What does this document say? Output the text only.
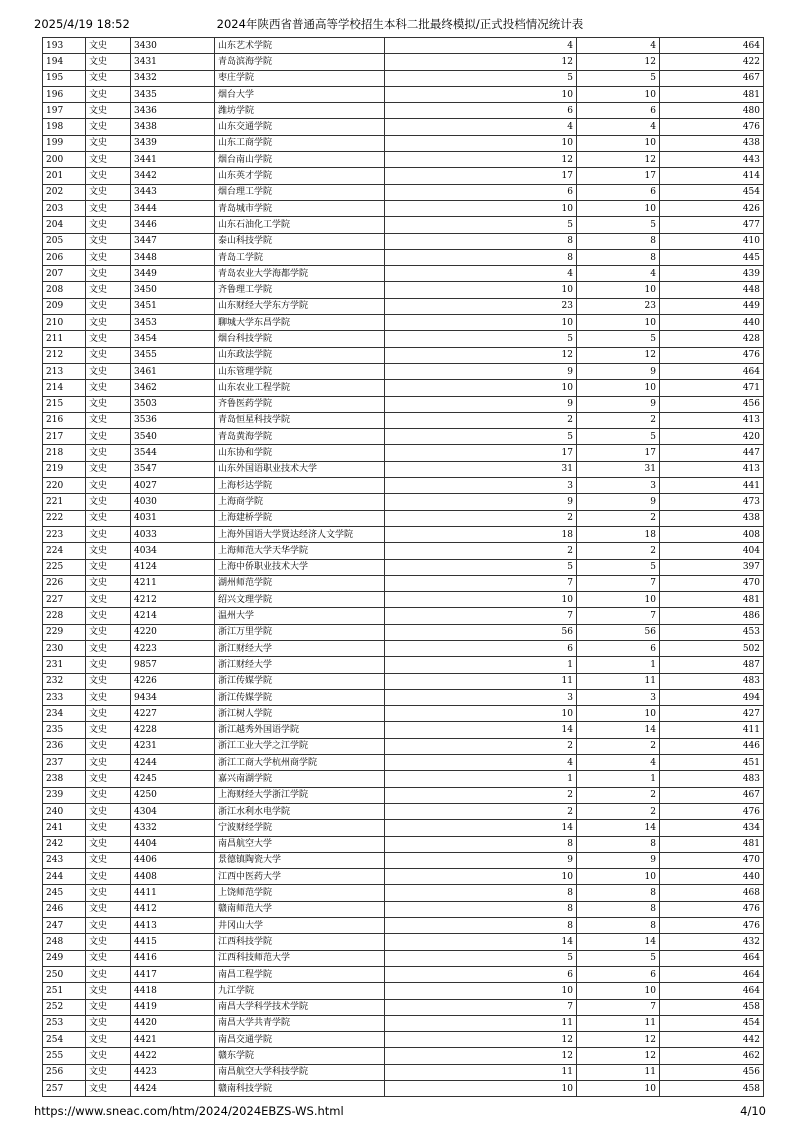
2025/4/19 18:52	2024年陕西省普通高等学校招生本科二批最终模拟/正式投档情况统计表
193	文史	3430	山东艺术学院	4	4	464	
194	文史	3431	青岛滨海学院	12	12	422	
195	文史	3432	枣庄学院	5	5	467	
196	文史	3435	烟台大学	10	10	481	
197	文史	3436	潍坊学院	6	6	480	
198	文史	3438	山东交通学院	4	4	476	
199	文史	3439	山东工商学院	10	10	438	
200	文史	3441	烟台南山学院	12	12	443	
201	文史	3442	山东英才学院	17	17	414	
202	文史	3443	烟台理工学院	6	6	454	
203	文史	3444	青岛城市学院	10	10	426	
204	文史	3446	山东石油化工学院	5	5	477	
205	文史	3447	泰山科技学院	8	8	410	
206	文史	3448	青岛工学院	8	8	445	
207	文史	3449	青岛农业大学海都学院	4	4	439	
208	文史	3450	齐鲁理工学院	10	10	448	
209	文史	3451	山东财经大学东方学院	23	23	449	
210	文史	3453	聊城大学东昌学院	10	10	440	
211	文史	3454	烟台科技学院	5	5	428	
212	文史	3455	山东政法学院	12	12	476	
213	文史	3461	山东管理学院	9	9	464	
214	文史	3462	山东农业工程学院	10	10	471	
215	文史	3503	齐鲁医药学院	9	9	456	
216	文史	3536	青岛恒星科技学院	2	2	413	
217	文史	3540	青岛黄海学院	5	5	420	
218	文史	3544	山东协和学院	17	17	447	
219	文史	3547	山东外国语职业技术大学	31	31	413	
220	文史	4027	上海杉达学院	3	3	441	
221	文史	4030	上海商学院	9	9	473	
222	文史	4031	上海建桥学院	2	2	438	
223	文史	4033	上海外国语大学贤达经济人文学院	18	18	408	
224	文史	4034	上海师范大学天华学院	2	2	404	
225	文史	4124	上海中侨职业技术大学	5	5	397	
226	文史	4211	湖州师范学院	7	7	470	
227	文史	4212	绍兴文理学院	10	10	481	
228	文史	4214	温州大学	7	7	486	
229	文史	4220	浙江万里学院	56	56	453	
230	文史	4223	浙江财经大学	6	6	502	
231	文史	9857	浙江财经大学	1	1	487	
232	文史	4226	浙江传媒学院	11	11	483	
233	文史	9434	浙江传媒学院	3	3	494	
234	文史	4227	浙江树人学院	10	10	427	
235	文史	4228	浙江越秀外国语学院	14	14	411	
236	文史	4231	浙江工业大学之江学院	2	2	446	
237	文史	4244	浙江工商大学杭州商学院	4	4	451	
238	文史	4245	嘉兴南湖学院	1	1	483	
239	文史	4250	上海财经大学浙江学院	2	2	467	
240	文史	4304	浙江水利水电学院	2	2	476	
241	文史	4332	宁波财经学院	14	14	434	
242	文史	4404	南昌航空大学	8	8	481	
243	文史	4406	景德镇陶瓷大学	9	9	470	
244	文史	4408	江西中医药大学	10	10	440	
245	文史	4411	上饶师范学院	8	8	468	
246	文史	4412	赣南师范大学	8	8	476	
247	文史	4413	井冈山大学	8	8	476	
248	文史	4415	江西科技学院	14	14	432	
249	文史	4416	江西科技师范大学	5	5	464	
250	文史	4417	南昌工程学院	6	6	464	
251	文史	4418	九江学院	10	10	464	
252	文史	4419	南昌大学科学技术学院	7	7	458	
253	文史	4420	南昌大学共青学院	11	11	454	
254	文史	4421	南昌交通学院	12	12	442	
255	文史	4422	赣东学院	12	12	462	
256	文史	4423	南昌航空大学科技学院	11	11	456	
257	文史	4424	赣南科技学院	10	10	458	
https://www.sneac.com/htm/2024/2024EBZS-WS.html	4/10
